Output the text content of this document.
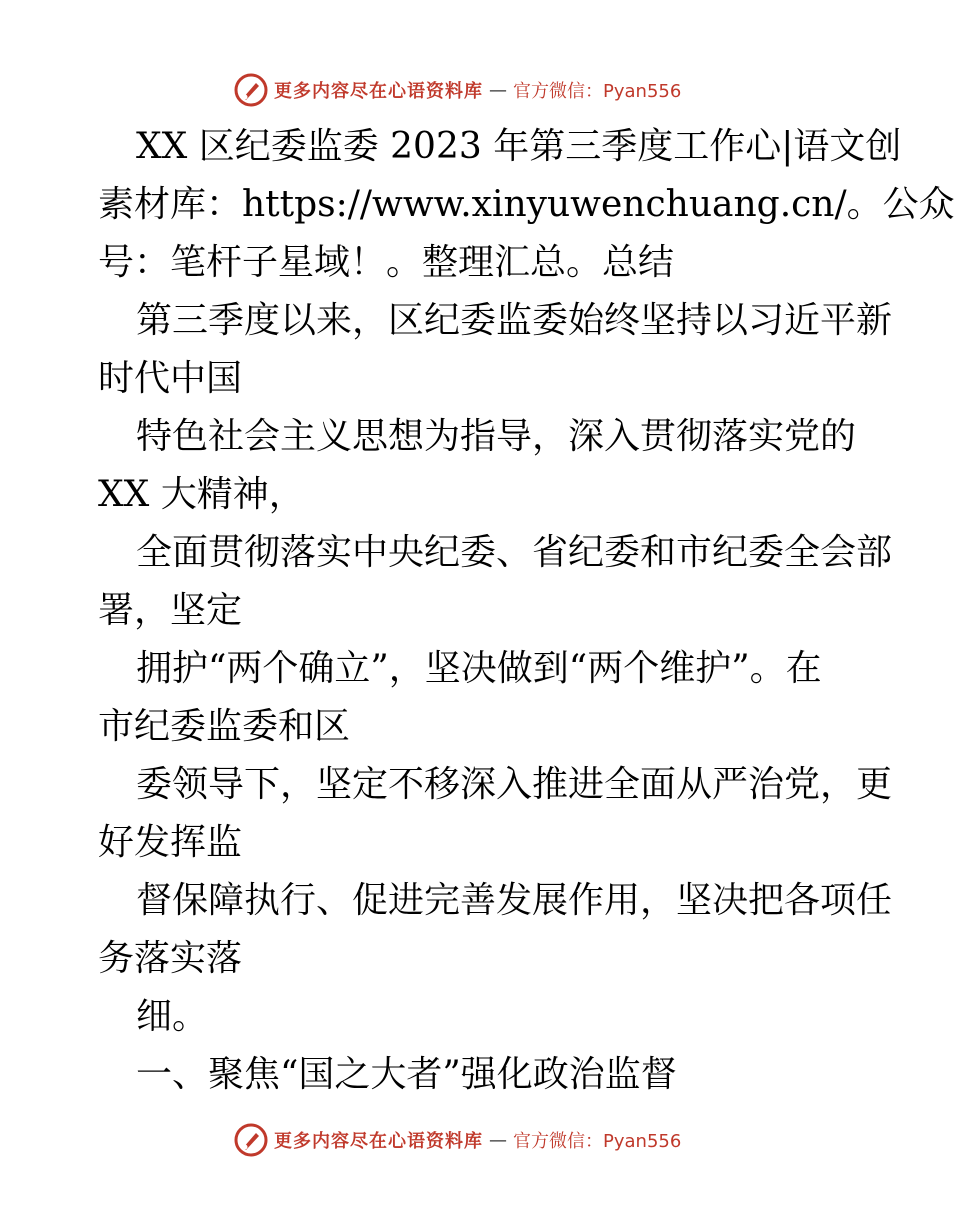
更多内容尽在心语资料库 — 官方微信：Pyan556
XX 区纪委监委 2023 年第三季度工作心|语文创
素材库：https://www.xinyuwenchuang.cn/。公众
号：笔杆子星域！。整理汇总。总结
第三季度以来，区纪委监委始终坚持以习近平新
时代中国
特色社会主义思想为指导，深入贯彻落实党的
XX 大精神，
全面贯彻落实中央纪委、省纪委和市纪委全会部
署，坚定
拥护“两个确立”，坚决做到“两个维护”。在
市纪委监委和区
委领导下，坚定不移深入推进全面从严治党，更
好发挥监
督保障执行、促进完善发展作用，坚决把各项任
务落实落
细。
一、聚焦“国之大者”强化政治监督
更多内容尽在心语资料库 — 官方微信：Pyan556
